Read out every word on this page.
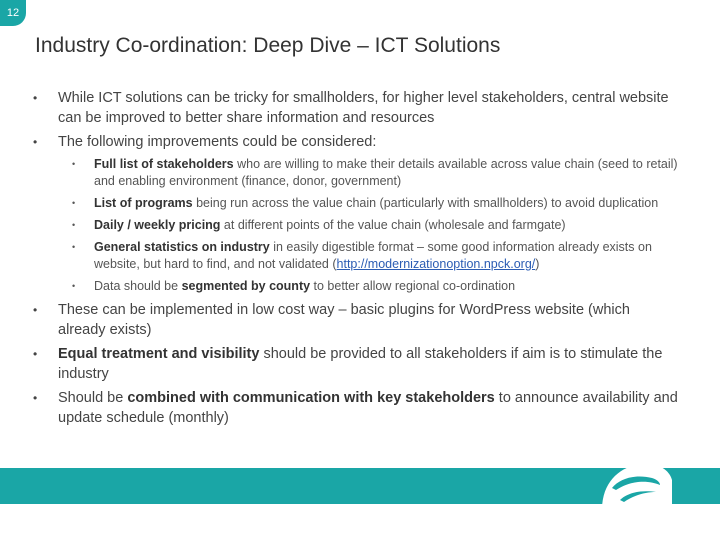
12
Industry Co-ordination: Deep Dive – ICT Solutions
• While ICT solutions can be tricky for smallholders, for higher level stakeholders, central website can be improved to better share information and resources
• The following improvements could be considered:
• Full list of stakeholders who are willing to make their details available across value chain (seed to retail) and enabling environment (finance, donor, government)
• List of programs being run across the value chain (particularly with smallholders) to avoid duplication
• Daily / weekly pricing at different points of the value chain (wholesale and farmgate)
• General statistics on industry in easily digestible format – some good information already exists on website, but hard to find, and not validated (http://modernizationoption.npck.org/)
• Data should be segmented by county to better allow regional co-ordination
• These can be implemented in low cost way – basic plugins for WordPress website (which already exists)
• Equal treatment and visibility should be provided to all stakeholders if aim is to stimulate the industry
• Should be combined with communication with key stakeholders to announce availability and update schedule (monthly)
